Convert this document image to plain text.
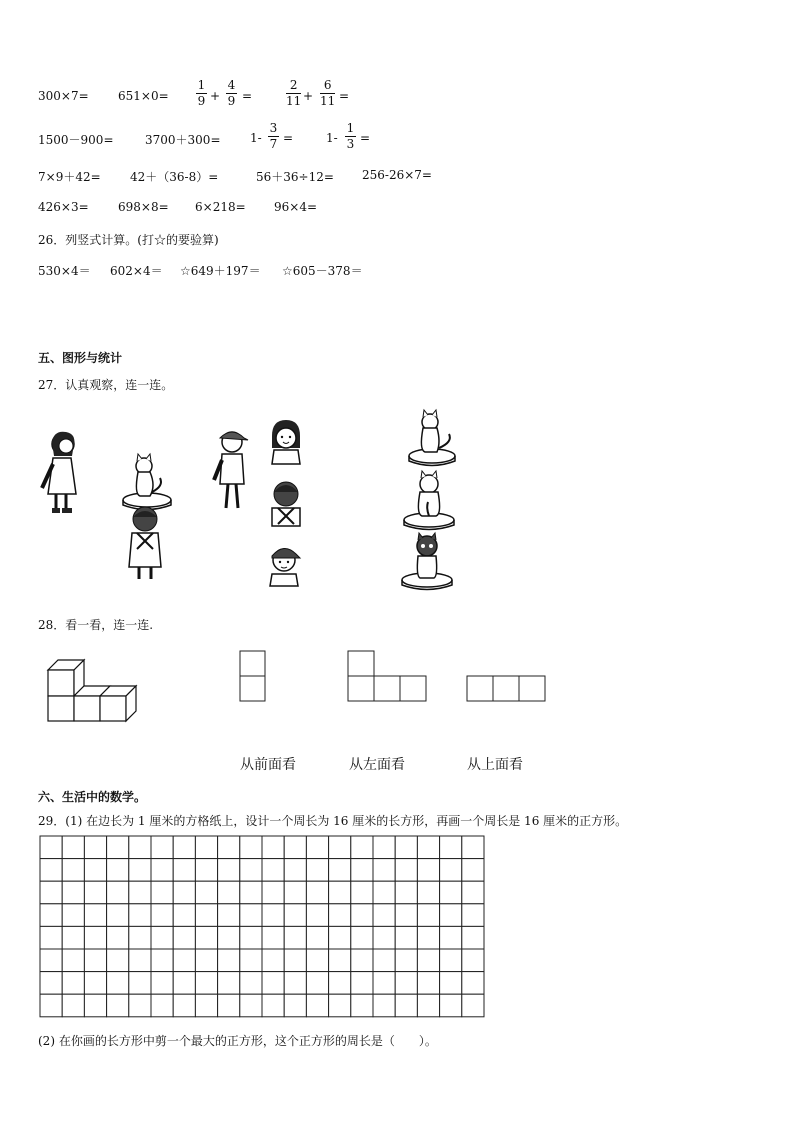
300×7= 651×0=
1
9 +
4
9 =
2
11 +
6
11 =
1500－900=	3700＋300= 1-
3
7 =	1-
1
3 =
7×9＋42= 42＋（36-8）=	56＋36÷12= 256-26×7=
426×3= 698×8= 6×218= 96×4=
26．列竖式计算。(打☆的要验算)
530×4＝ 602×4＝ ☆649＋197＝ ☆605－378＝
五、图形与统计
27．认真观察，连一连。
28．看一看，连一连.
从前面看	从左面看	从上面看
六、生活中的数学。
29．(1) 在边长为 1 厘米的方格纸上，设计一个周长为 16 厘米的长方形，再画一个周长是 16 厘米的正方形。
(2) 在你画的长方形中剪一个最大的正方形，这个正方形的周长是（　　）。
